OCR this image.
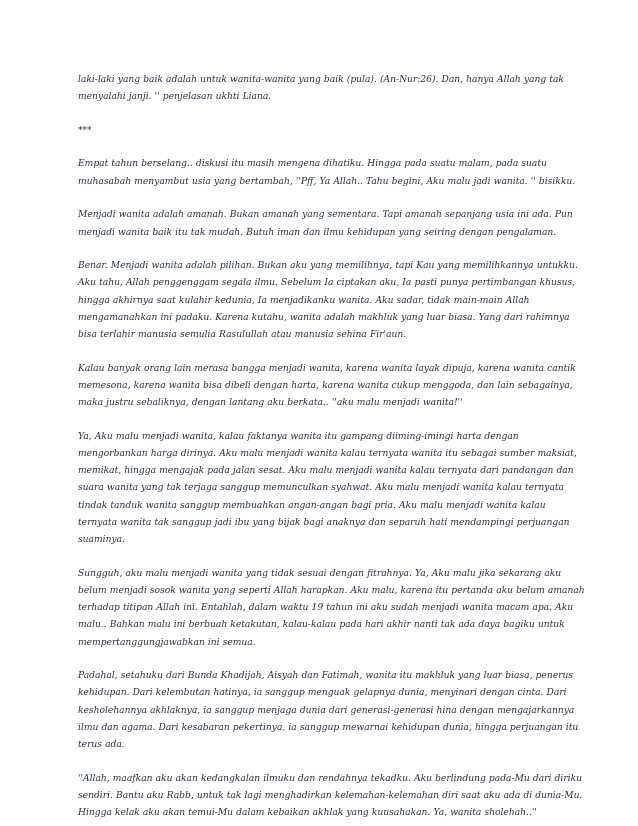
laki-laki yang baik adalah untuk wanita-wanita yang baik (pula). (An-Nur:26). Dan, hanya Allah yang tak menyalahi janji. '' penjelasan ukhti Liana.

***

Empat tahun berselang.. diskusi itu masih mengena dihatiku. Hingga pada suatu malam, pada suatu muhasabah menyambut usia yang bertambah, ''Pff, Ya Allah.. Tahu begini, Aku malu jadi wanita. '' bisikku.

Menjadi wanita adalah amanah. Bukan amanah yang sementara. Tapi amanah sepanjang usia ini ada. Pun menjadi wanita baik itu tak mudah. Butuh iman dan ilmu kehidupan yang seiring dengan pengalaman.

Benar. Menjadi wanita adalah pilihan. Bukan aku yang memilihnya, tapi Kau yang memilihkannya untukku. Aku tahu, Allah penggenggam segala ilmu. Sebelum Ia ciptakan aku, Ia pasti punya pertimbangan khusus, hingga akhirnya saat kulahir kedunia, Ia menjadikanku wanita. Aku sadar, tidak main-main Allah mengamanahkan ini padaku. Karena kutahu, wanita adalah makhluk yang luar biasa. Yang dari rahimnya bisa terlahir manusia semulia Rasulullah atau manusia sehina Fir'aun.

Kalau banyak orang lain merasa bangga menjadi wanita, karena wanita layak dipuja, karena wanita cantik memesona, karena wanita bisa dibeli dengan harta, karena wanita cukup menggoda, dan lain sebagainya, maka justru sebaliknya, dengan lantang aku berkata.. ''aku malu menjadi wanita!''

Ya, Aku malu menjadi wanita, kalau faktanya wanita itu gampang diiming-imingi harta dengan mengorbankan harga dirinya. Aku malu menjadi wanita kalau ternyata wanita itu sebagai sumber maksiat, memikat, hingga mengajak pada jalan sesat. Aku malu menjadi wanita kalau ternyata dari pandangan dan suara wanita yang tak terjaga sanggup memunculkan syahwat. Aku malu menjadi wanita kalau ternyata tindak tanduk wanita sanggup membuahkan angan-angan bagi pria. Aku malu menjadi wanita kalau ternyata wanita tak sanggup jadi ibu yang bijak bagi anaknya dan separuh hati mendampingi perjuangan suaminya.

Sungguh, aku malu menjadi wanita yang tidak sesuai dengan fitrahnya. Ya, Aku malu jika sekarang aku belum menjadi sosok wanita yang seperti Allah harapkan. Aku malu, karena itu pertanda aku belum amanah terhadap titipan Allah ini. Entahlah, dalam waktu 19 tahun ini aku sudah menjadi wanita macam apa. Aku malu.. Bahkan malu ini berbuah ketakutan, kalau-kalau pada hari akhir nanti tak ada daya bagiku untuk mempertanggungjawabkan ini semua.

Padahal, setahuku dari Bunda Khadijah, Aisyah dan Fatimah, wanita itu makhluk yang luar biasa, penerus kehidupan. Dari kelembutan hatinya, ia sanggup menguak gelapnya dunia, menyinari dengan cinta. Dari kesholehannya akhlaknya, ia sanggup menjaga dunia dari generasi-generasi hina dengan mengajarkannya ilmu dan agama. Dari kesabaran pekertinya, ia sanggup mewarnai kehidupan dunia, hingga perjuangan itu terus ada.

''Allah, maafkan aku akan kedangkalan ilmuku dan rendahnya tekadku. Aku berlindung pada-Mu dari diriku sendiri. Bantu aku Rabb, untuk tak lagi menghadirkan kelemahan-kelemahan diri saat aku ada di dunia-Mu. Hingga kelak aku akan temui-Mu dalam kebaikan akhlak yang kuusahakan. Ya, wanita sholehah..''
